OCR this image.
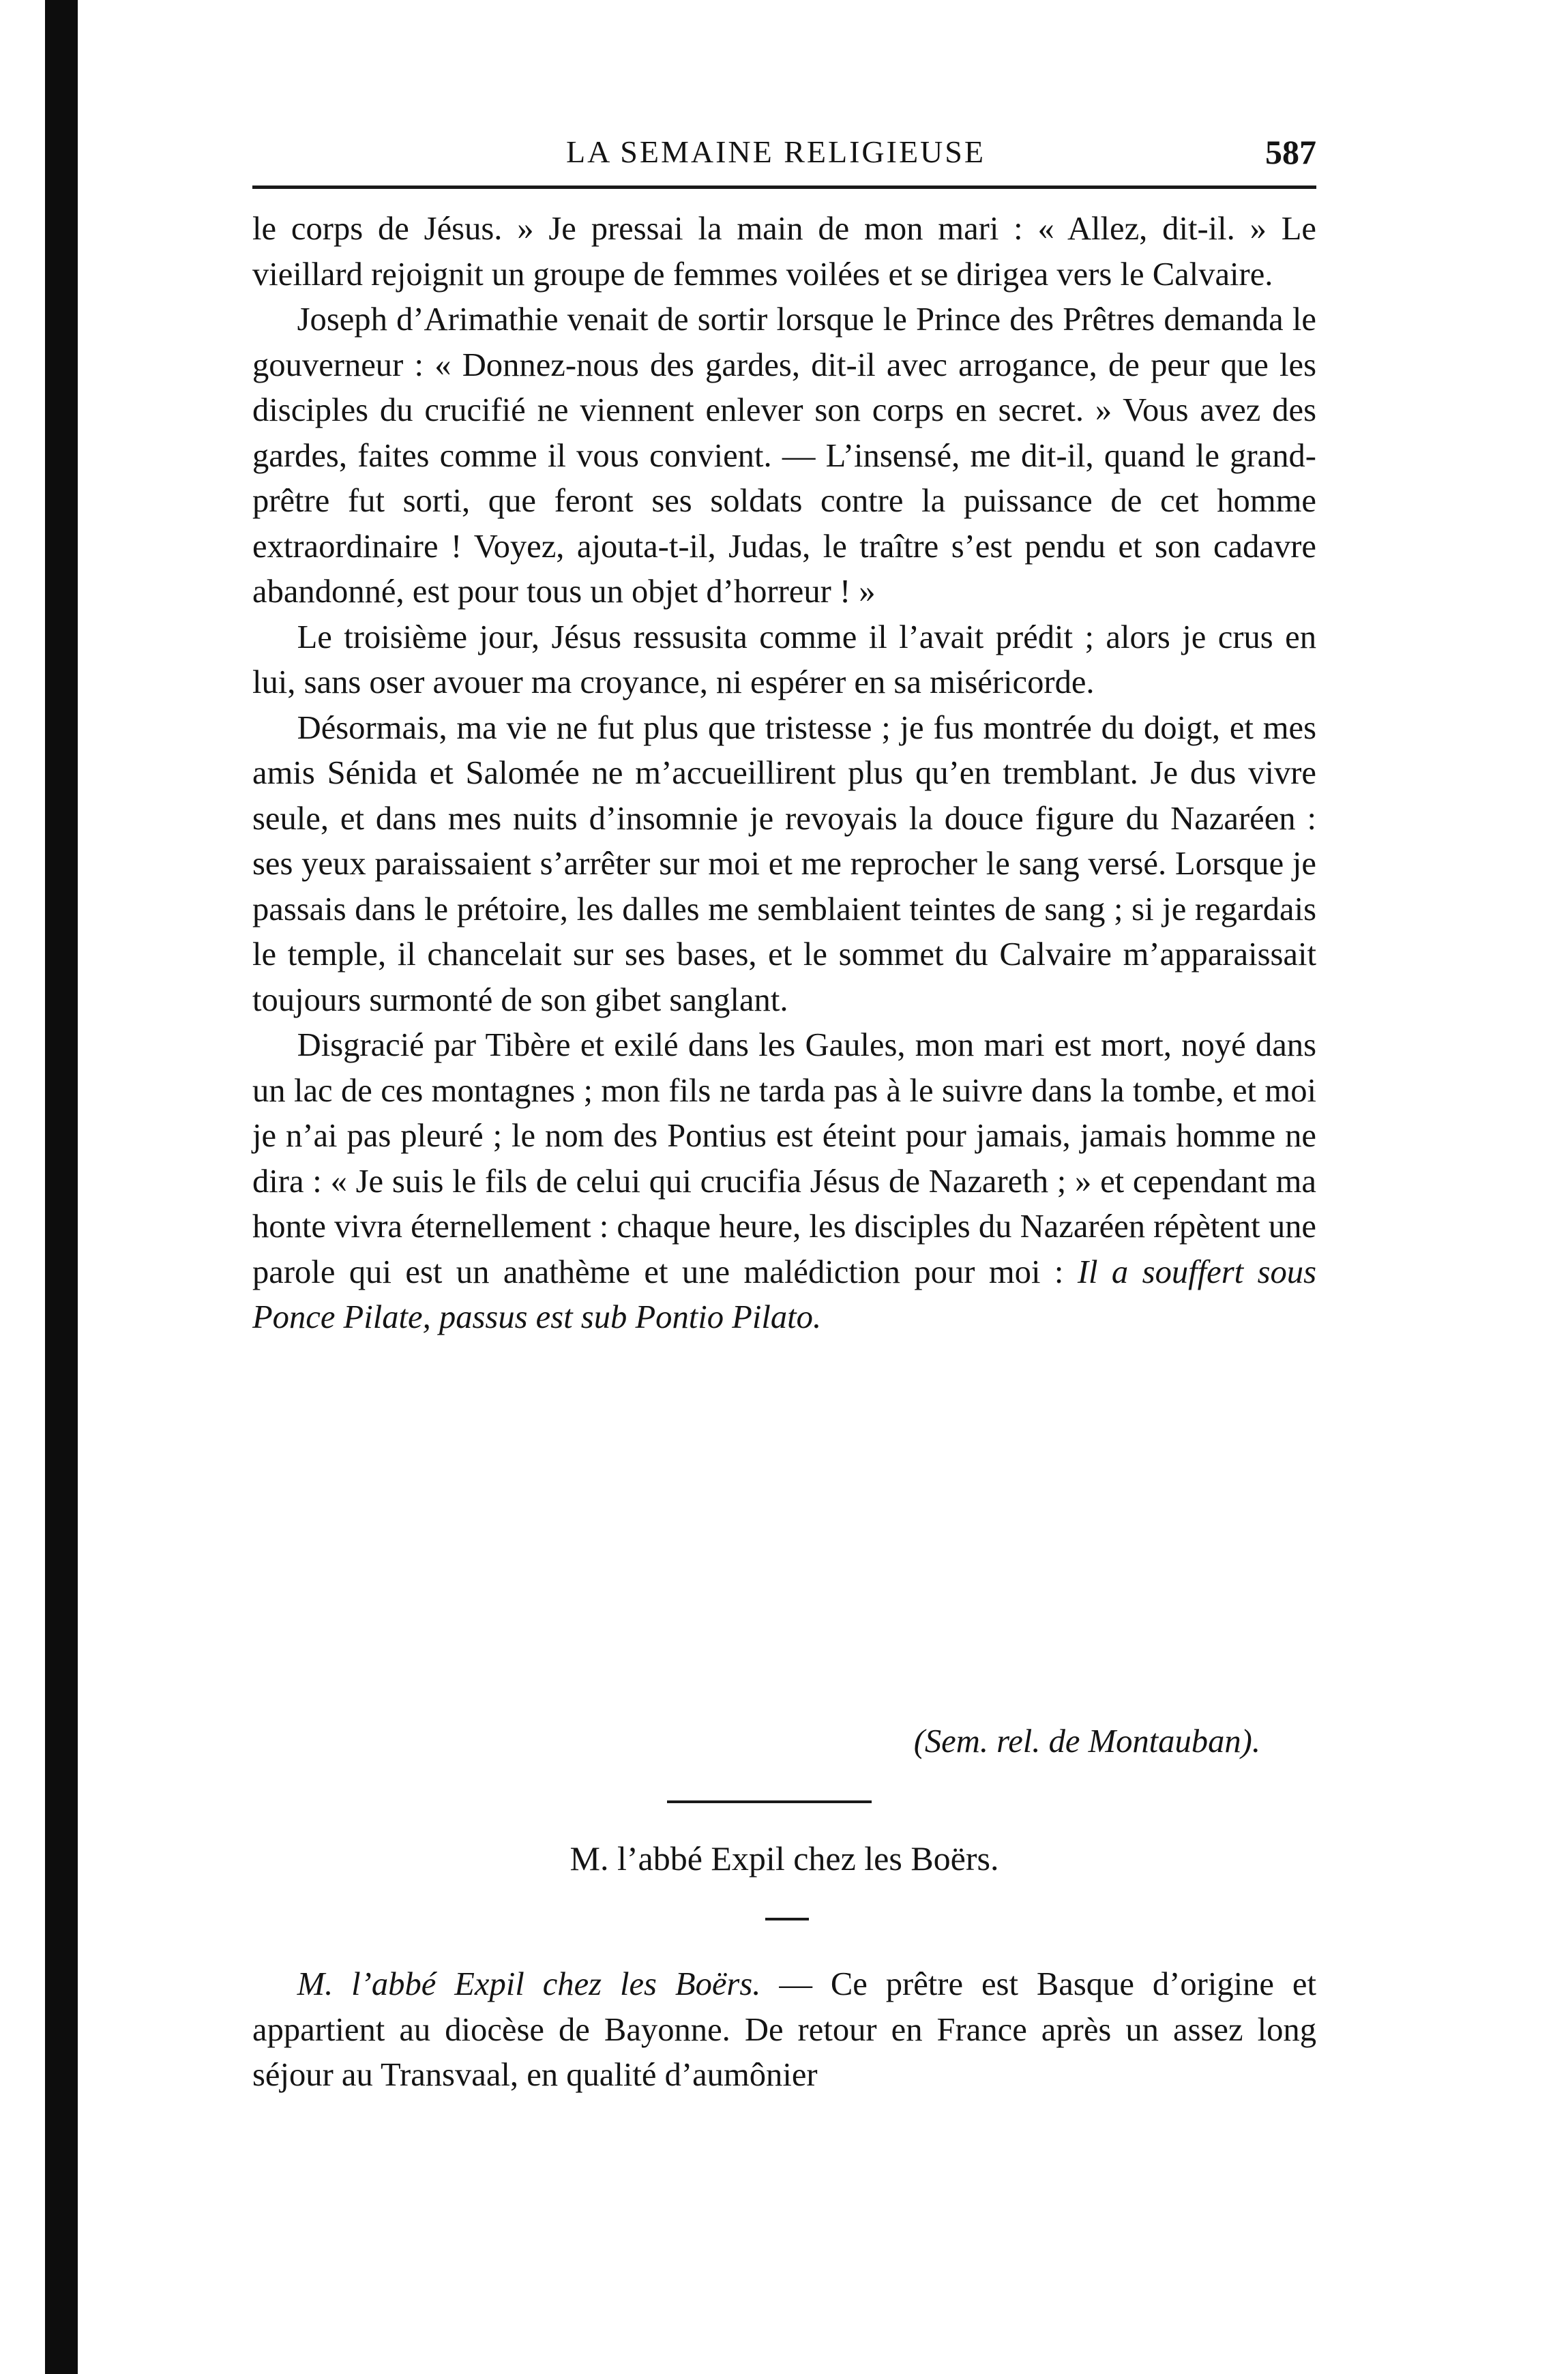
LA SEMAINE RELIGIEUSE	587

le corps de Jésus. » Je pressai la main de mon mari : « Allez, dit-il. » Le vieillard rejoignit un groupe de femmes voilées et se dirigea vers le Calvaire.

Joseph d’Arimathie venait de sortir lorsque le Prince des Prêtres demanda le gouverneur : « Donnez-nous des gardes, dit-il avec arrogance, de peur que les disciples du crucifié ne viennent enlever son corps en secret. » Vous avez des gardes, faites comme il vous convient. — L’insensé, me dit-il, quand le grand-prêtre fut sorti, que feront ses soldats contre la puissance de cet homme extraordinaire ! Voyez, ajouta-t-il, Judas, le traître s’est pendu et son cadavre abandonné, est pour tous un objet d’horreur ! »

Le troisième jour, Jésus ressusita comme il l’avait prédit ; alors je crus en lui, sans oser avouer ma croyance, ni espérer en sa miséricorde.

Désormais, ma vie ne fut plus que tristesse ; je fus montrée du doigt, et mes amis Sénida et Salomée ne m’accueillirent plus qu’en tremblant. Je dus vivre seule, et dans mes nuits d’insomnie je revoyais la douce figure du Nazaréen : ses yeux paraissaient s’arrêter sur moi et me reprocher le sang versé. Lorsque je passais dans le prétoire, les dalles me semblaient teintes de sang ; si je regardais le temple, il chancelait sur ses bases, et le sommet du Calvaire m’apparaissait toujours surmonté de son gibet sanglant.

Disgracié par Tibère et exilé dans les Gaules, mon mari est mort, noyé dans un lac de ces montagnes ; mon fils ne tarda pas à le suivre dans la tombe, et moi je n’ai pas pleuré ; le nom des Pontius est éteint pour jamais, jamais homme ne dira : « Je suis le fils de celui qui crucifia Jésus de Nazareth ; » et cependant ma honte vivra éternellement : chaque heure, les disciples du Nazaréen répètent une parole qui est un anathème et une malédiction pour moi : Il a souffert sous Ponce Pilate, passus est sub Pontio Pilato.

(Sem. rel. de Montauban).
M. l’abbé Expil chez les Boërs.

M. l’abbé Expil chez les Boërs. — Ce prêtre est Basque d’origine et appartient au diocèse de Bayonne. De retour en France après un assez long séjour au Transvaal, en qualité d’aumônier
